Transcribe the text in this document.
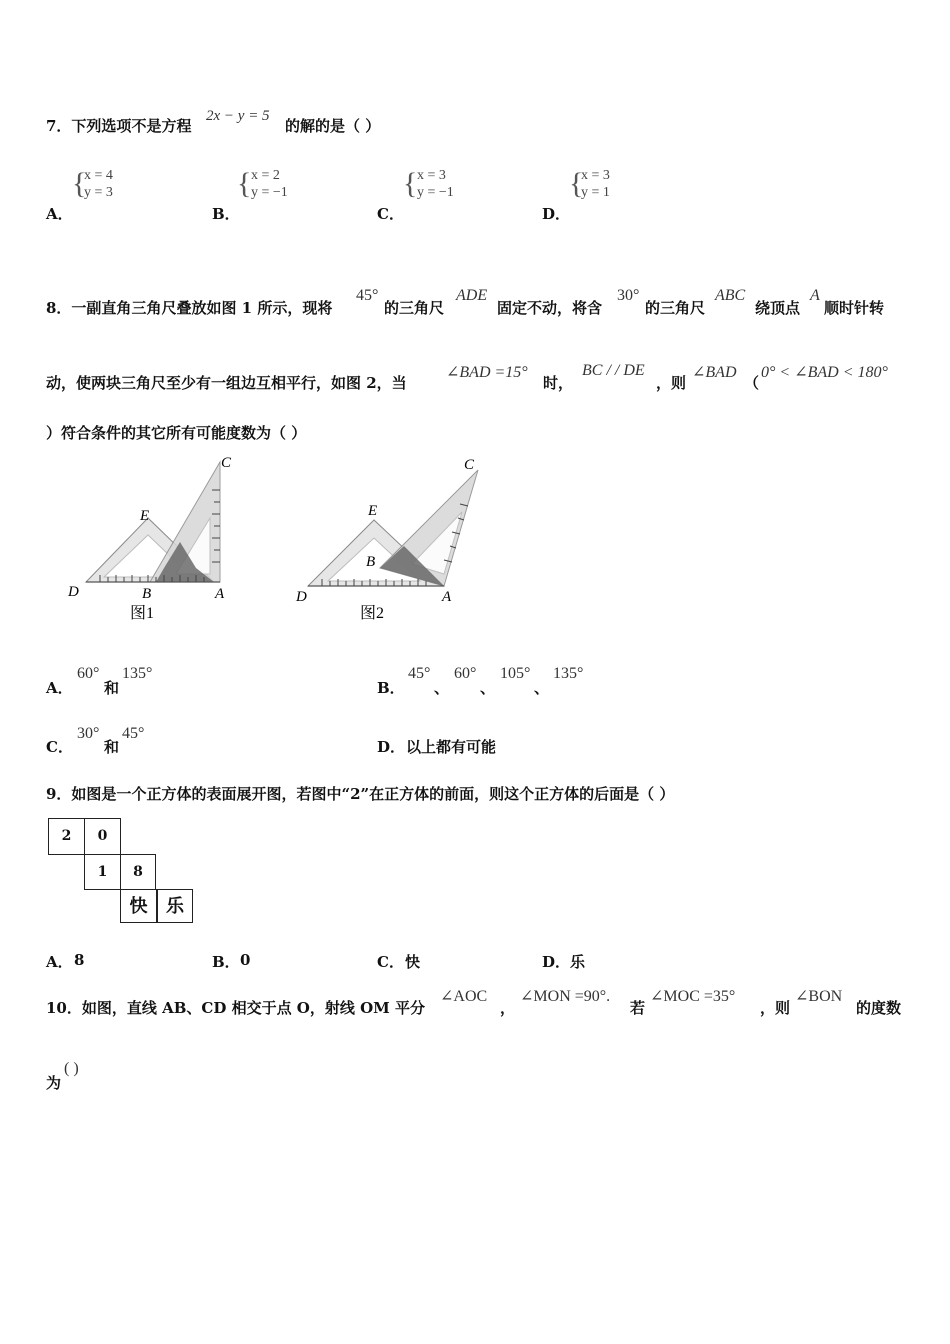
7．下列选项不是方程
2x − y = 5
的解的是（ ）
A．
{
x = 4
y = 3
B．
{ x = 2
y = −1
C．
{ x = 3
y = −1
D．
{
x = 3
y = 1
8．一副直角三角尺叠放如图 1 所示，现将
45°
的三角尺
ADE
固定不动，将含
30°
的三角尺
ABC
绕顶点
A
顺时针转
动，使两块三角尺至少有一组边互相平行，如图 2，当
∠BAD =15°
时，
BC / / DE
，则
∠BAD
（
0° < ∠BAD < 180°
）符合条件的其它所有可能度数为（ ）
D
E
B	A
C
图1
D
E
B
A
C
图2
A．
60°
和
135°
B．
45°
、
60°
、
105°
、
135°
C．
30°
和
45°
D． 以上都有可能
9．如图是一个正方体的表面展开图，若图中“2”在正方体的前面，则这个正方体的后面是（ ）
2	0
1	8
快	乐
A． 8	B． 0	C． 快	D． 乐
10．如图，直线 AB、CD 相交于点 O，射线 OM 平分
∠AOC
，
∠MON =90°.
若
∠MOC =35°
，则
∠BON
的度数
为
( )
